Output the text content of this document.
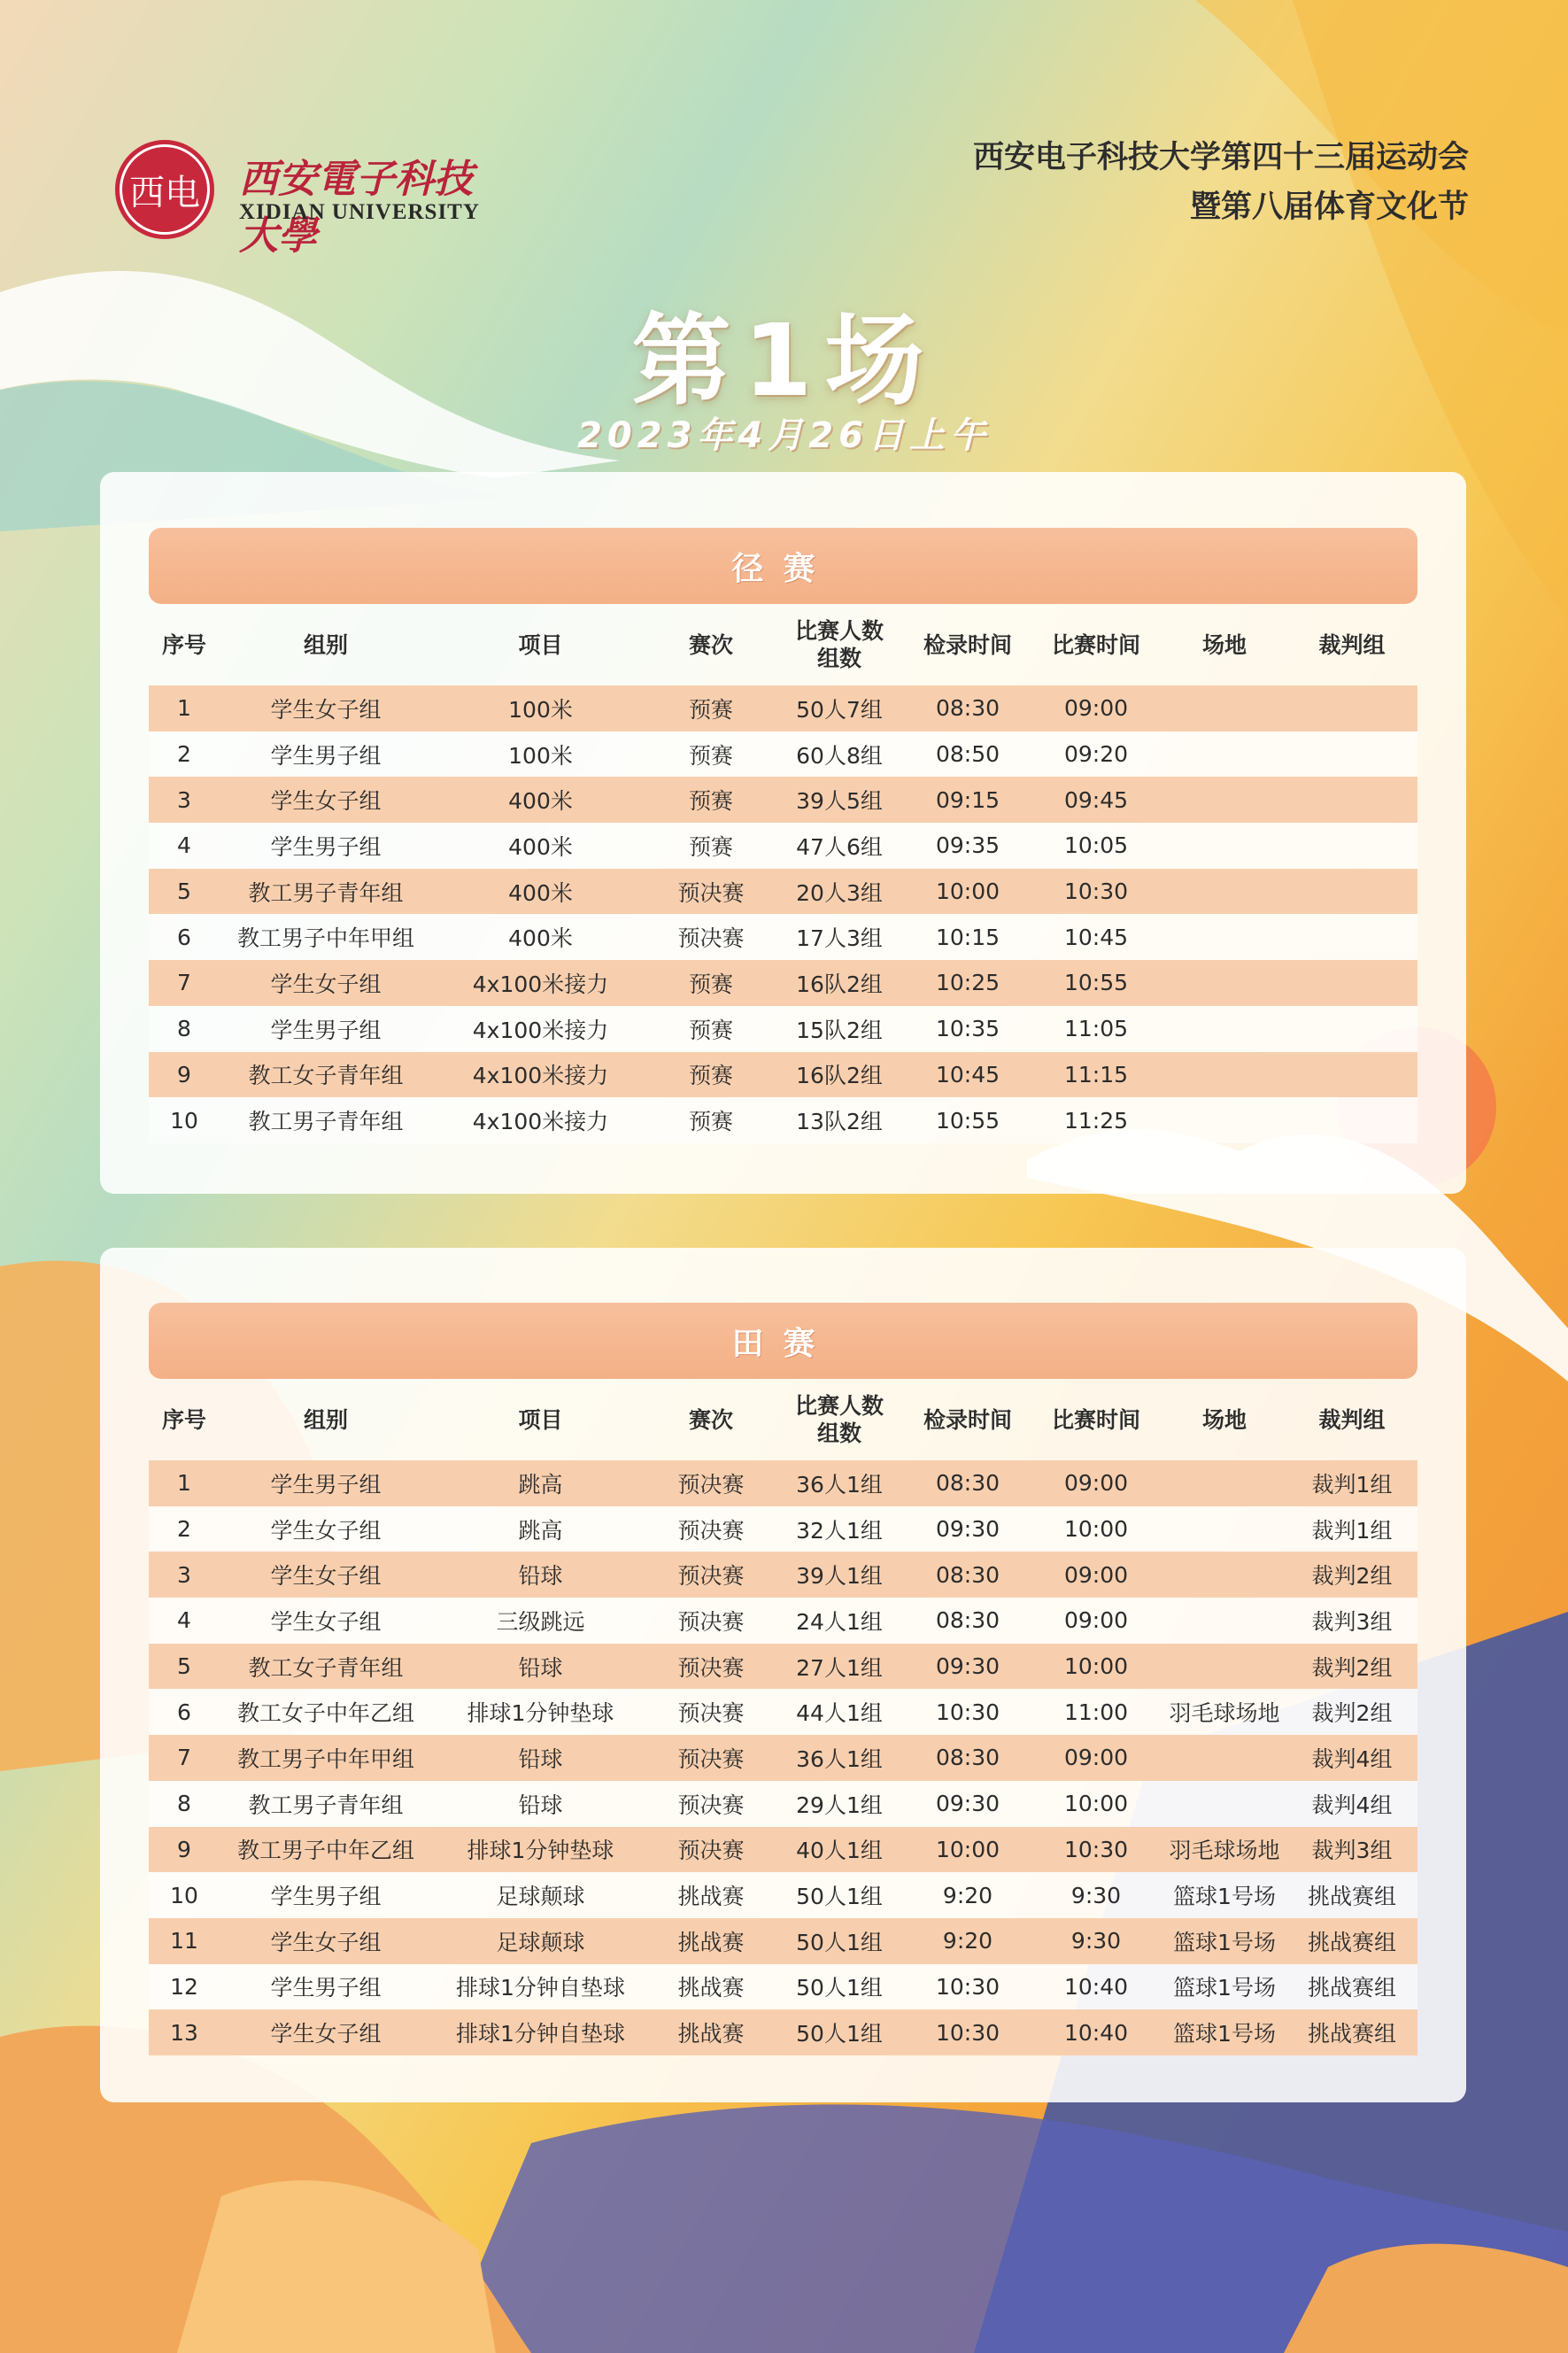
西电 西安電子科技大學
XIDIAN UNIVERSITY
西安电子科技大学第四十三届运动会
暨第八届体育文化节
第1场
2023年4月26日上午
径赛
序号	组别	项目	赛次	比赛人数
组数	检录时间	比赛时间	场地	裁判组
1	学生女子组	100米	预赛	50人7组	08:30	09:00		
2	学生男子组	100米	预赛	60人8组	08:50	09:20		
3	学生女子组	400米	预赛	39人5组	09:15	09:45		
4	学生男子组	400米	预赛	47人6组	09:35	10:05		
5	教工男子青年组	400米	预决赛	20人3组	10:00	10:30		
6	教工男子中年甲组	400米	预决赛	17人3组	10:15	10:45		
7	学生女子组	4x100米接力	预赛	16队2组	10:25	10:55		
8	学生男子组	4x100米接力	预赛	15队2组	10:35	11:05		
9	教工女子青年组	4x100米接力	预赛	16队2组	10:45	11:15		
10	教工男子青年组	4x100米接力	预赛	13队2组	10:55	11:25		
田赛
序号	组别	项目	赛次	比赛人数
组数	检录时间	比赛时间	场地	裁判组
1	学生男子组	跳高	预决赛	36人1组	08:30	09:00		裁判1组
2	学生女子组	跳高	预决赛	32人1组	09:30	10:00		裁判1组
3	学生女子组	铅球	预决赛	39人1组	08:30	09:00		裁判2组
4	学生女子组	三级跳远	预决赛	24人1组	08:30	09:00		裁判3组
5	教工女子青年组	铅球	预决赛	27人1组	09:30	10:00		裁判2组
6	教工女子中年乙组	排球1分钟垫球	预决赛	44人1组	10:30	11:00	羽毛球场地	裁判2组
7	教工男子中年甲组	铅球	预决赛	36人1组	08:30	09:00		裁判4组
8	教工男子青年组	铅球	预决赛	29人1组	09:30	10:00		裁判4组
9	教工男子中年乙组	排球1分钟垫球	预决赛	40人1组	10:00	10:30	羽毛球场地	裁判3组
10	学生男子组	足球颠球	挑战赛	50人1组	9:20	9:30	篮球1号场	挑战赛组
11	学生女子组	足球颠球	挑战赛	50人1组	9:20	9:30	篮球1号场	挑战赛组
12	学生男子组	排球1分钟自垫球	挑战赛	50人1组	10:30	10:40	篮球1号场	挑战赛组
13	学生女子组	排球1分钟自垫球	挑战赛	50人1组	10:30	10:40	篮球1号场	挑战赛组
